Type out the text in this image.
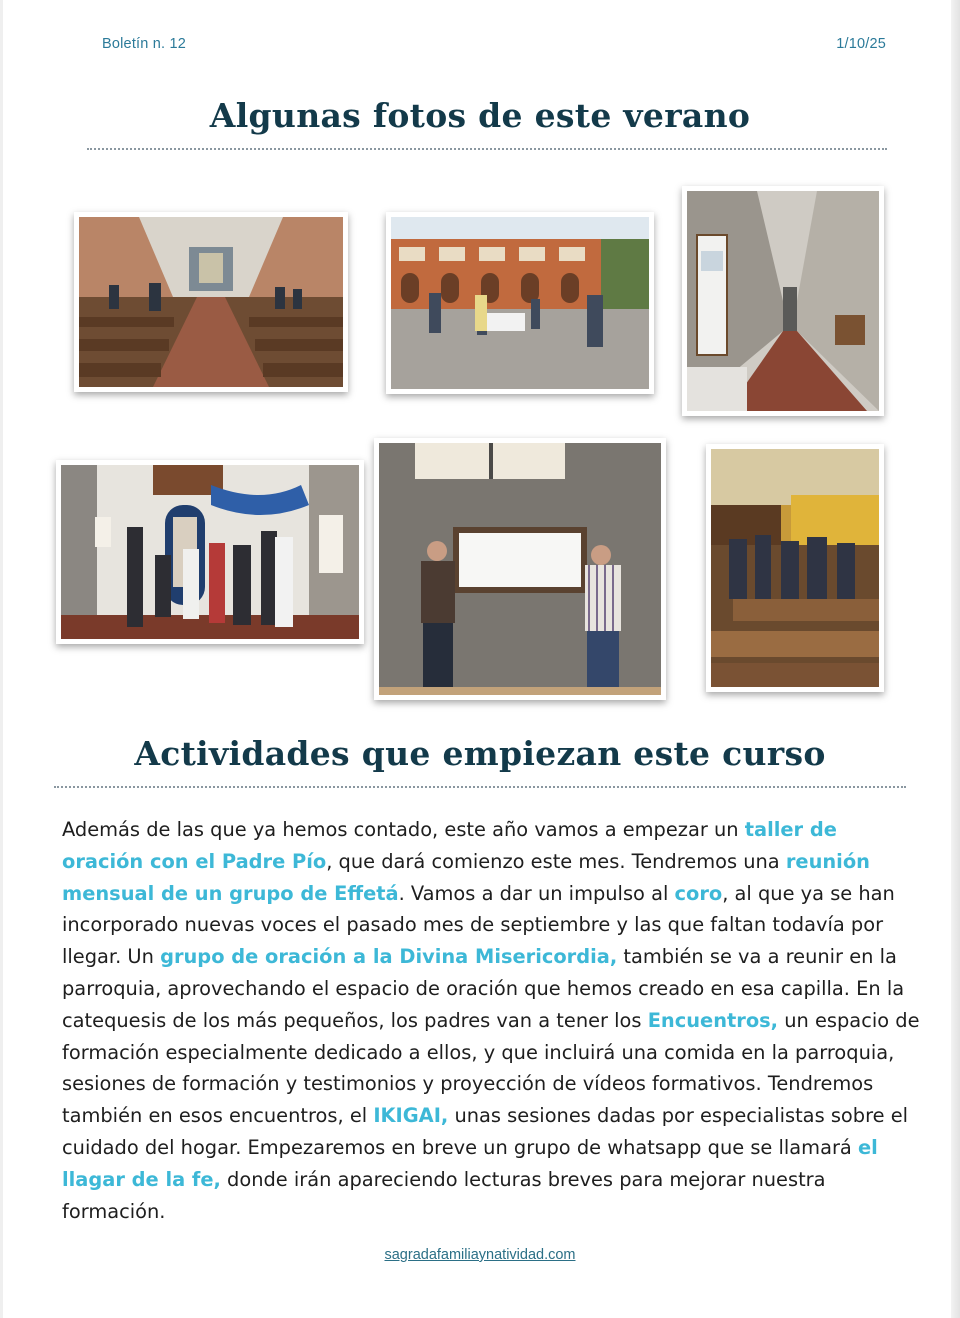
Boletín n. 12	1/10/25
Algunas fotos de este verano
Actividades que empiezan este curso

Además de las que ya hemos contado, este año vamos a empezar un taller de oración con el Padre Pío, que dará comienzo este mes. Tendremos una reunión mensual de un grupo de Effetá. Vamos a dar un impulso al coro, al que ya se han incorporado nuevas voces el pasado mes de septiembre y las que faltan todavía por llegar. Un grupo de oración a la Divina Misericordia, también se va a reunir en la parroquia, aprovechando el espacio de oración que hemos creado en esa capilla. En la catequesis de los más pequeños, los padres van a tener los Encuentros, un espacio de formación especialmente dedicado a ellos, y que incluirá una comida en la parroquia, sesiones de formación y testimonios y proyección de vídeos formativos. Tendremos también en esos encuentros, el IKIGAI, unas sesiones dadas por especialistas sobre el cuidado del hogar. Empezaremos en breve un grupo de whatsapp que se llamará el llagar de la fe, donde irán apareciendo lecturas breves para mejorar nuestra formación.

sagradafamiliaynatividad.com
